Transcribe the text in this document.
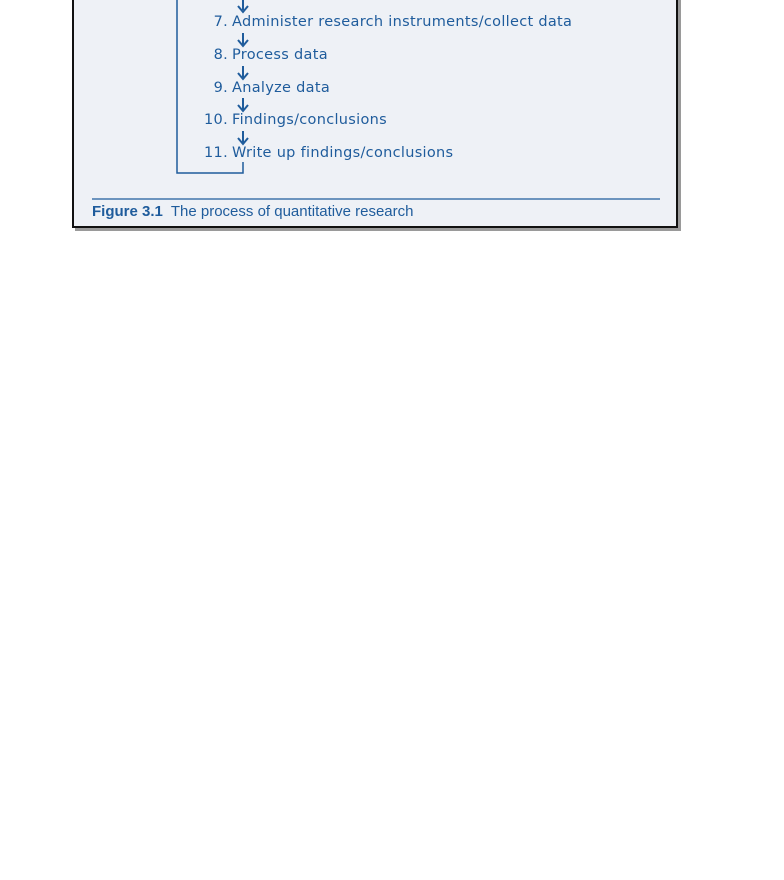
7. Administer research instruments/collect data
8. Process data
9. Analyze data
10. Findings/conclusions
11. Write up findings/conclusions
Figure 3.1 The process of quantitative research
